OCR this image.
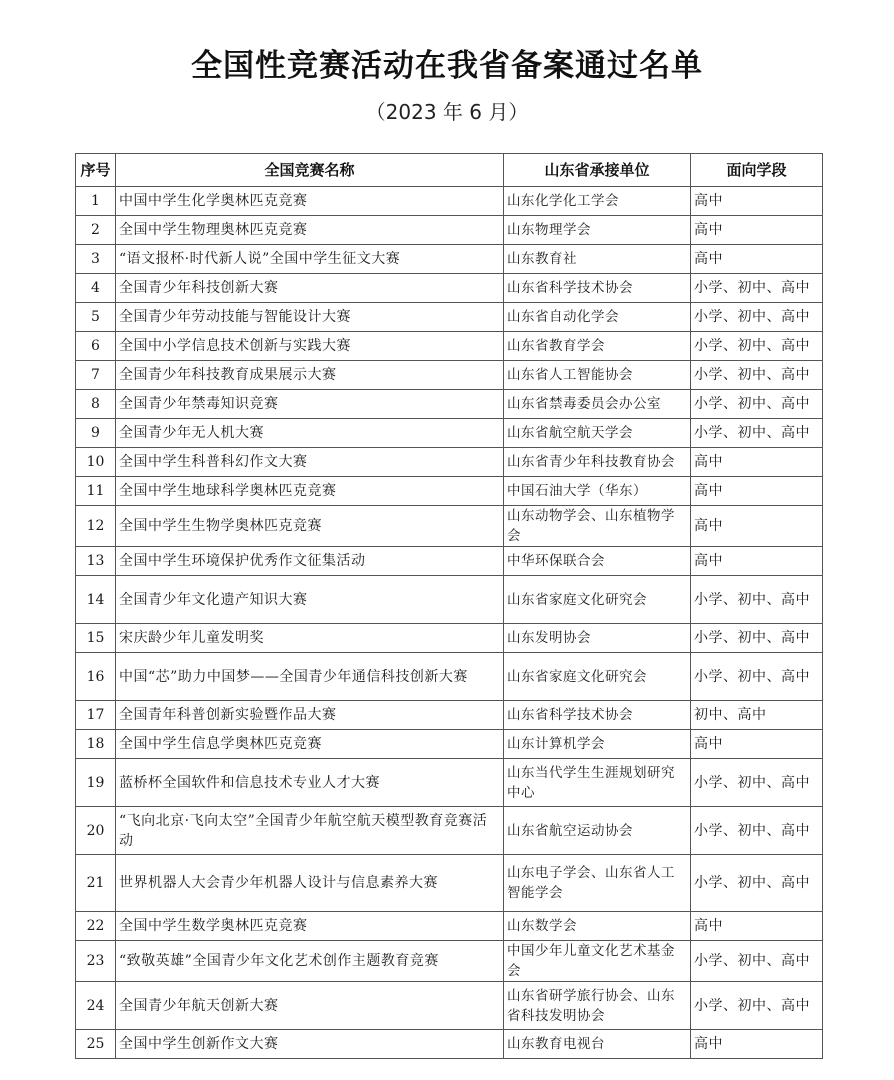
全国性竞赛活动在我省备案通过名单
（2023 年 6 月）
序号	全国竞赛名称	山东省承接单位	面向学段
1	中国中学生化学奥林匹克竞赛	山东化学化工学会	高中
2	全国中学生物理奥林匹克竞赛	山东物理学会	高中
3	“语文报杯·时代新人说”全国中学生征文大赛	山东教育社	高中
4	全国青少年科技创新大赛	山东省科学技术协会	小学、初中、高中
5	全国青少年劳动技能与智能设计大赛	山东省自动化学会	小学、初中、高中
6	全国中小学信息技术创新与实践大赛	山东省教育学会	小学、初中、高中
7	全国青少年科技教育成果展示大赛	山东省人工智能协会	小学、初中、高中
8	全国青少年禁毒知识竞赛	山东省禁毒委员会办公室	小学、初中、高中
9	全国青少年无人机大赛	山东省航空航天学会	小学、初中、高中
10	全国中学生科普科幻作文大赛	山东省青少年科技教育协会	高中
11	全国中学生地球科学奥林匹克竞赛	中国石油大学（华东）	高中
12	全国中学生生物学奥林匹克竞赛	山东动物学会、山东植物学会	高中
13	全国中学生环境保护优秀作文征集活动	中华环保联合会	高中
14	全国青少年文化遗产知识大赛	山东省家庭文化研究会	小学、初中、高中
15	宋庆龄少年儿童发明奖	山东发明协会	小学、初中、高中
16	中国“芯”助力中国梦——全国青少年通信科技创新大赛	山东省家庭文化研究会	小学、初中、高中
17	全国青年科普创新实验暨作品大赛	山东省科学技术协会	初中、高中
18	全国中学生信息学奥林匹克竞赛	山东计算机学会	高中
19	蓝桥杯全国软件和信息技术专业人才大赛	山东当代学生生涯规划研究中心	小学、初中、高中
20	“飞向北京·飞向太空”全国青少年航空航天模型教育竞赛活动	山东省航空运动协会	小学、初中、高中
21	世界机器人大会青少年机器人设计与信息素养大赛	山东电子学会、山东省人工智能学会	小学、初中、高中
22	全国中学生数学奥林匹克竞赛	山东数学会	高中
23	“致敬英雄”全国青少年文化艺术创作主题教育竞赛	中国少年儿童文化艺术基金会	小学、初中、高中
24	全国青少年航天创新大赛	山东省研学旅行协会、山东省科技发明协会	小学、初中、高中
25	全国中学生创新作文大赛	山东教育电视台	高中
